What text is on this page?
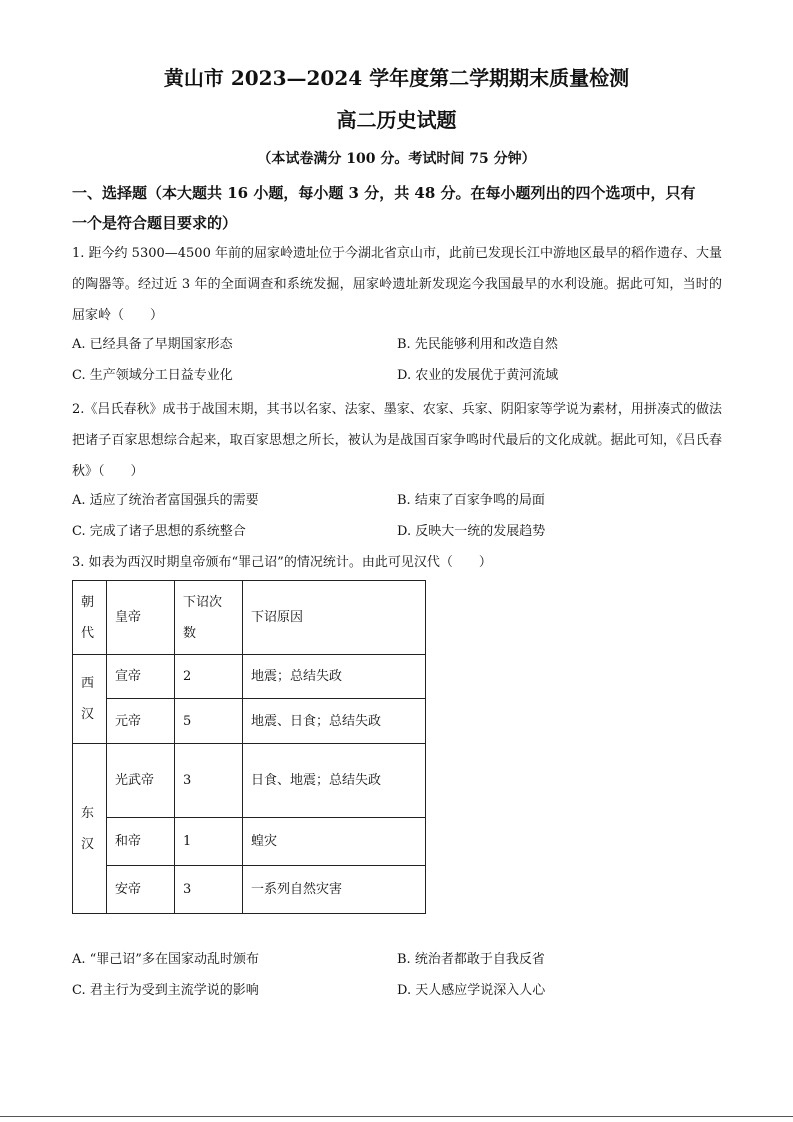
黄山市 2023—2024 学年度第二学期期末质量检测
高二历史试题
（本试卷满分 100 分。考试时间 75 分钟）
一、选择题（本大题共 16 小题，每小题 3 分，共 48 分。在每小题列出的四个选项中，只有
一个是符合题目要求的）
1. 距今约 5300—4500 年前的屈家岭遗址位于今湖北省京山市，此前已发现长江中游地区最早的稻作遗存、大量的陶器等。经过近 3 年的全面调查和系统发掘，屈家岭遗址新发现迄今我国最早的水利设施。据此可知，当时的屈家岭（　　）
A. 已经具备了早期国家形态	B. 先民能够利用和改造自然
C. 生产领域分工日益专业化	D. 农业的发展优于黄河流域
2.《吕氏春秋》成书于战国末期，其书以名家、法家、墨家、农家、兵家、阴阳家等学说为素材，用拼凑式的做法把诸子百家思想综合起来，取百家思想之所长，被认为是战国百家争鸣时代最后的文化成就。据此可知，《吕氏春秋》（　　）
A. 适应了统治者富国强兵的需要	B. 结束了百家争鸣的局面
C. 完成了诸子思想的系统整合	D. 反映大一统的发展趋势
3. 如表为西汉时期皇帝颁布“罪己诏”的情况统计。由此可见汉代（　　）
朝代	皇帝	下诏次数	下诏原因
西汉	宣帝	2	地震；总结失政
	元帝	5	地震、日食；总结失政
东汉	光武帝	3	日食、地震；总结失政
	和帝	1	蝗灾
	安帝	3	一系列自然灾害
A. “罪己诏”多在国家动乱时颁布	B. 统治者都敢于自我反省
C. 君主行为受到主流学说的影响	D. 天人感应学说深入人心
